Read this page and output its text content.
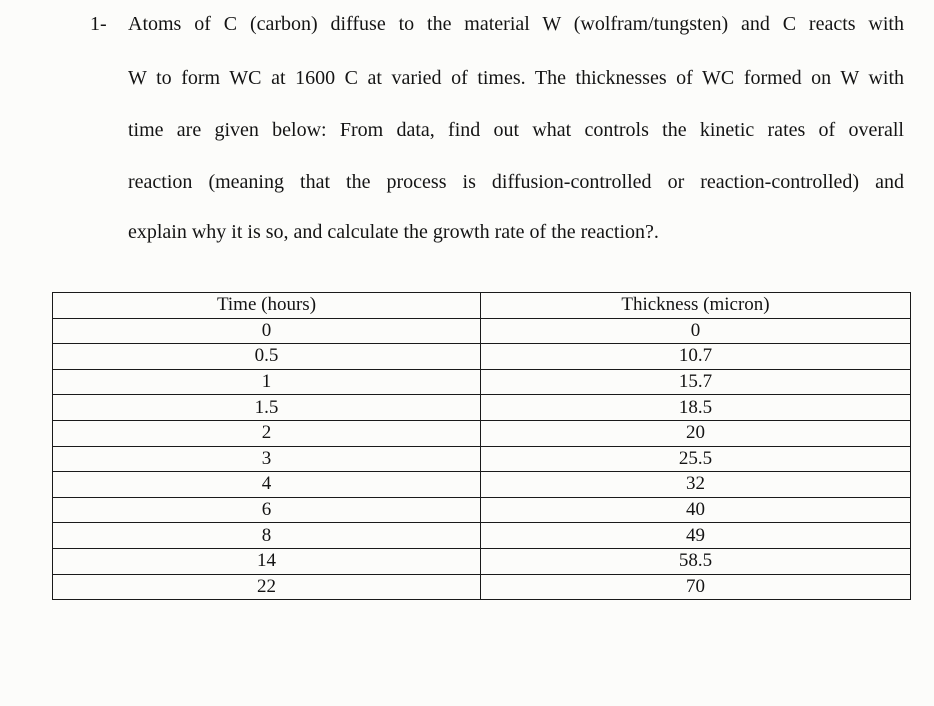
1- Atoms of C (carbon) diffuse to the material W (wolfram/tungsten) and C reacts with
W to form WC at 1600 C at varied of times. The thicknesses of WC formed on W with
time are given below: From data, find out what controls the kinetic rates of overall
reaction (meaning that the process is diffusion-controlled or reaction-controlled) and
explain why it is so, and calculate the growth rate of the reaction?.
Time (hours)	Thickness (micron)
0	0
0.5	10.7
1	15.7
1.5	18.5
2	20
3	25.5
4	32
6	40
8	49
14	58.5
22	70
